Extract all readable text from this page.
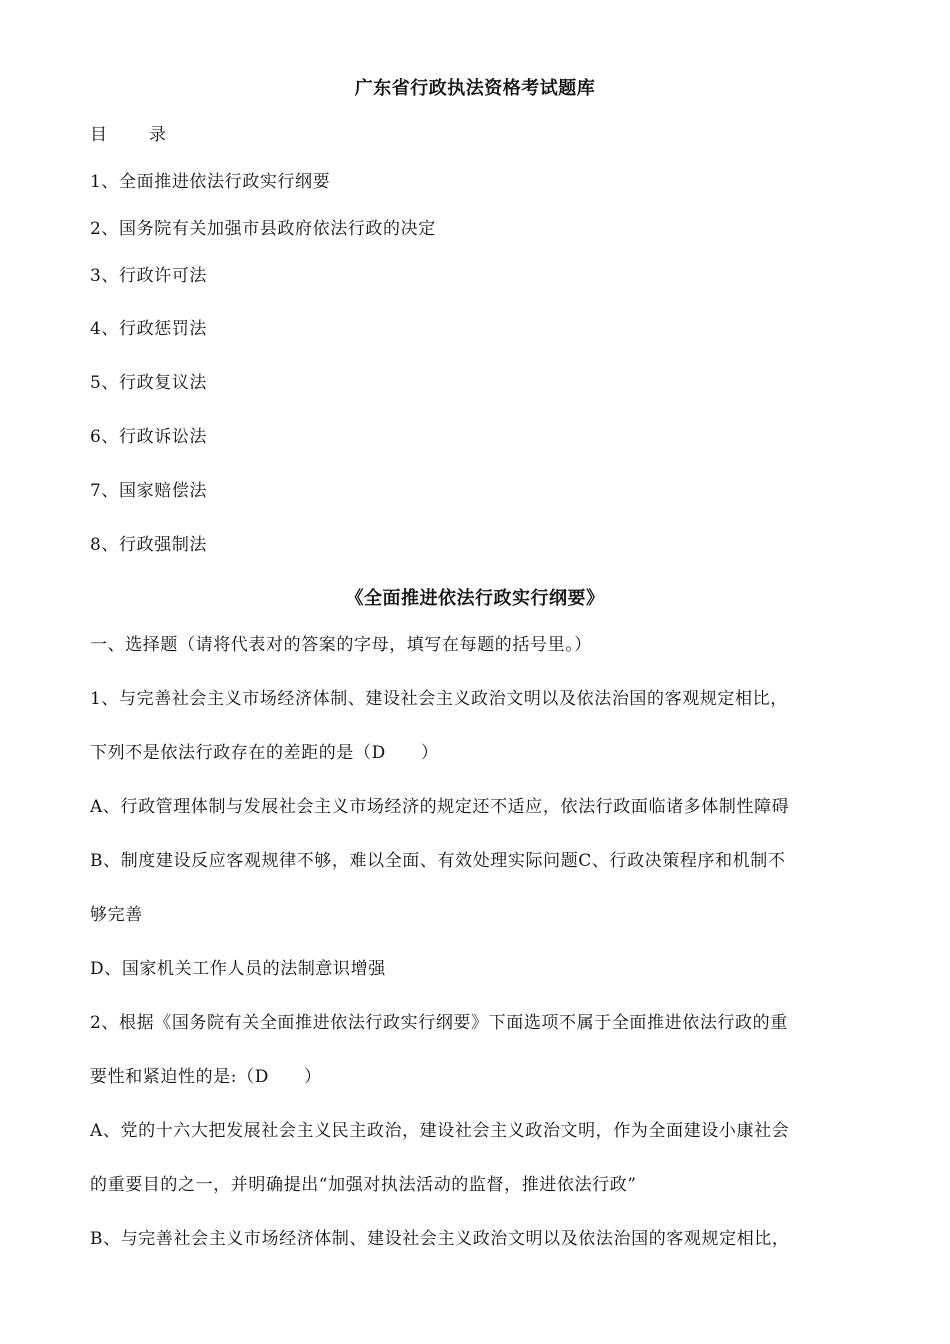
广东省行政执法资格考试题库
目 录
1、全面推进依法行政实行纲要
2、国务院有关加强市县政府依法行政的决定
3、行政许可法
4、行政惩罚法
5、行政复议法
6、行政诉讼法
7、国家赔偿法
8、行政强制法
《全面推进依法行政实行纲要》
一、选择题（请将代表对的答案的字母，填写在每题的括号里。）
1、与完善社会主义市场经济体制、建设社会主义政治文明以及依法治国的客观规定相比，
下列不是依法行政存在的差距的是（D　　）
A、行政管理体制与发展社会主义市场经济的规定还不适应，依法行政面临诸多体制性障碍
B、制度建设反应客观规律不够，难以全面、有效处理实际问题C、行政决策程序和机制不
够完善
D、国家机关工作人员的法制意识增强
2、根据《国务院有关全面推进依法行政实行纲要》下面选项不属于全面推进依法行政的重
要性和紧迫性的是:（D　　）
A、党的十六大把发展社会主义民主政治，建设社会主义政治文明，作为全面建设小康社会
的重要目的之一，并明确提出“加强对执法活动的监督，推进依法行政”
B、与完善社会主义市场经济体制、建设社会主义政治文明以及依法治国的客观规定相比，
